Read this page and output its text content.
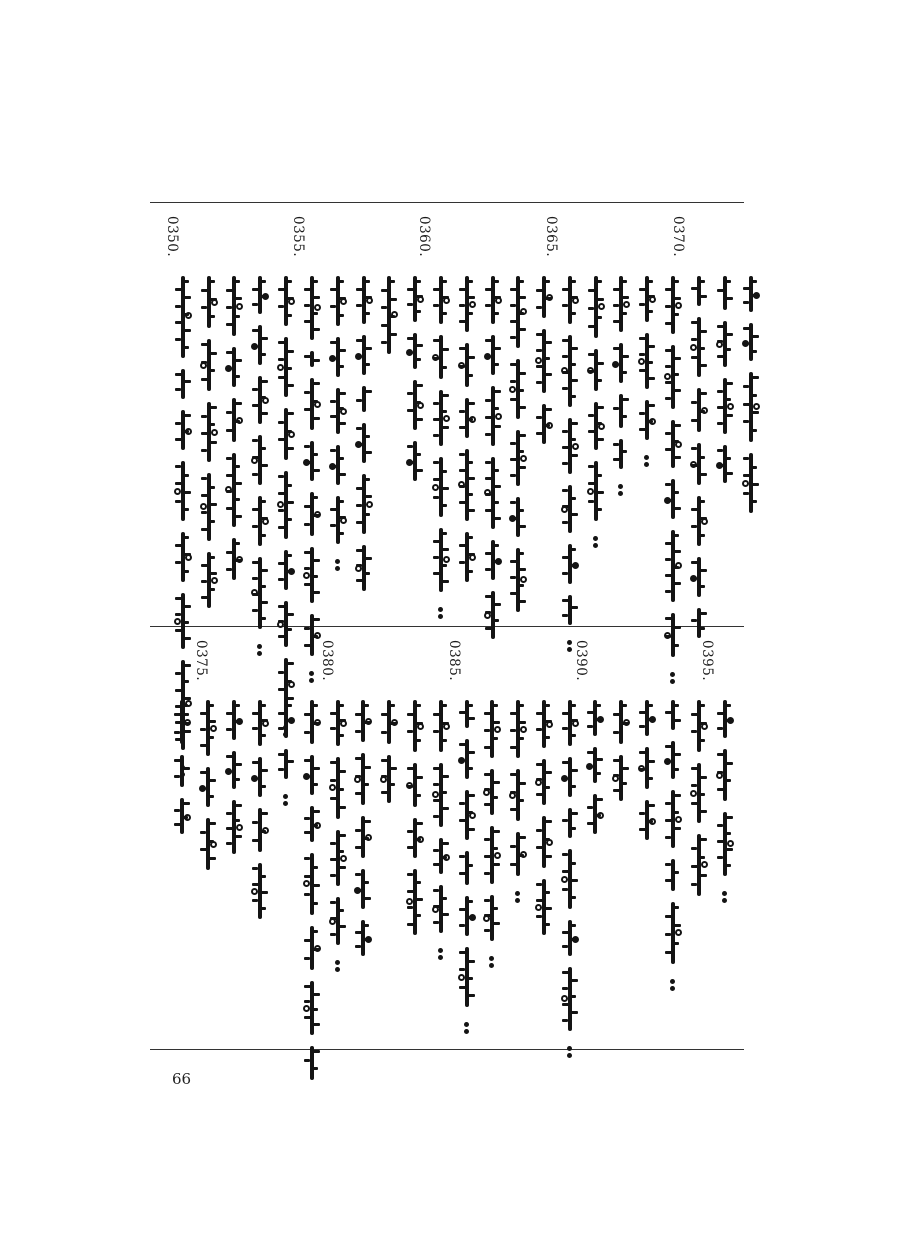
0370.
0365.
0360.
0355.
0350.
0395.
0390.
0385.
0380.
0375.
66
